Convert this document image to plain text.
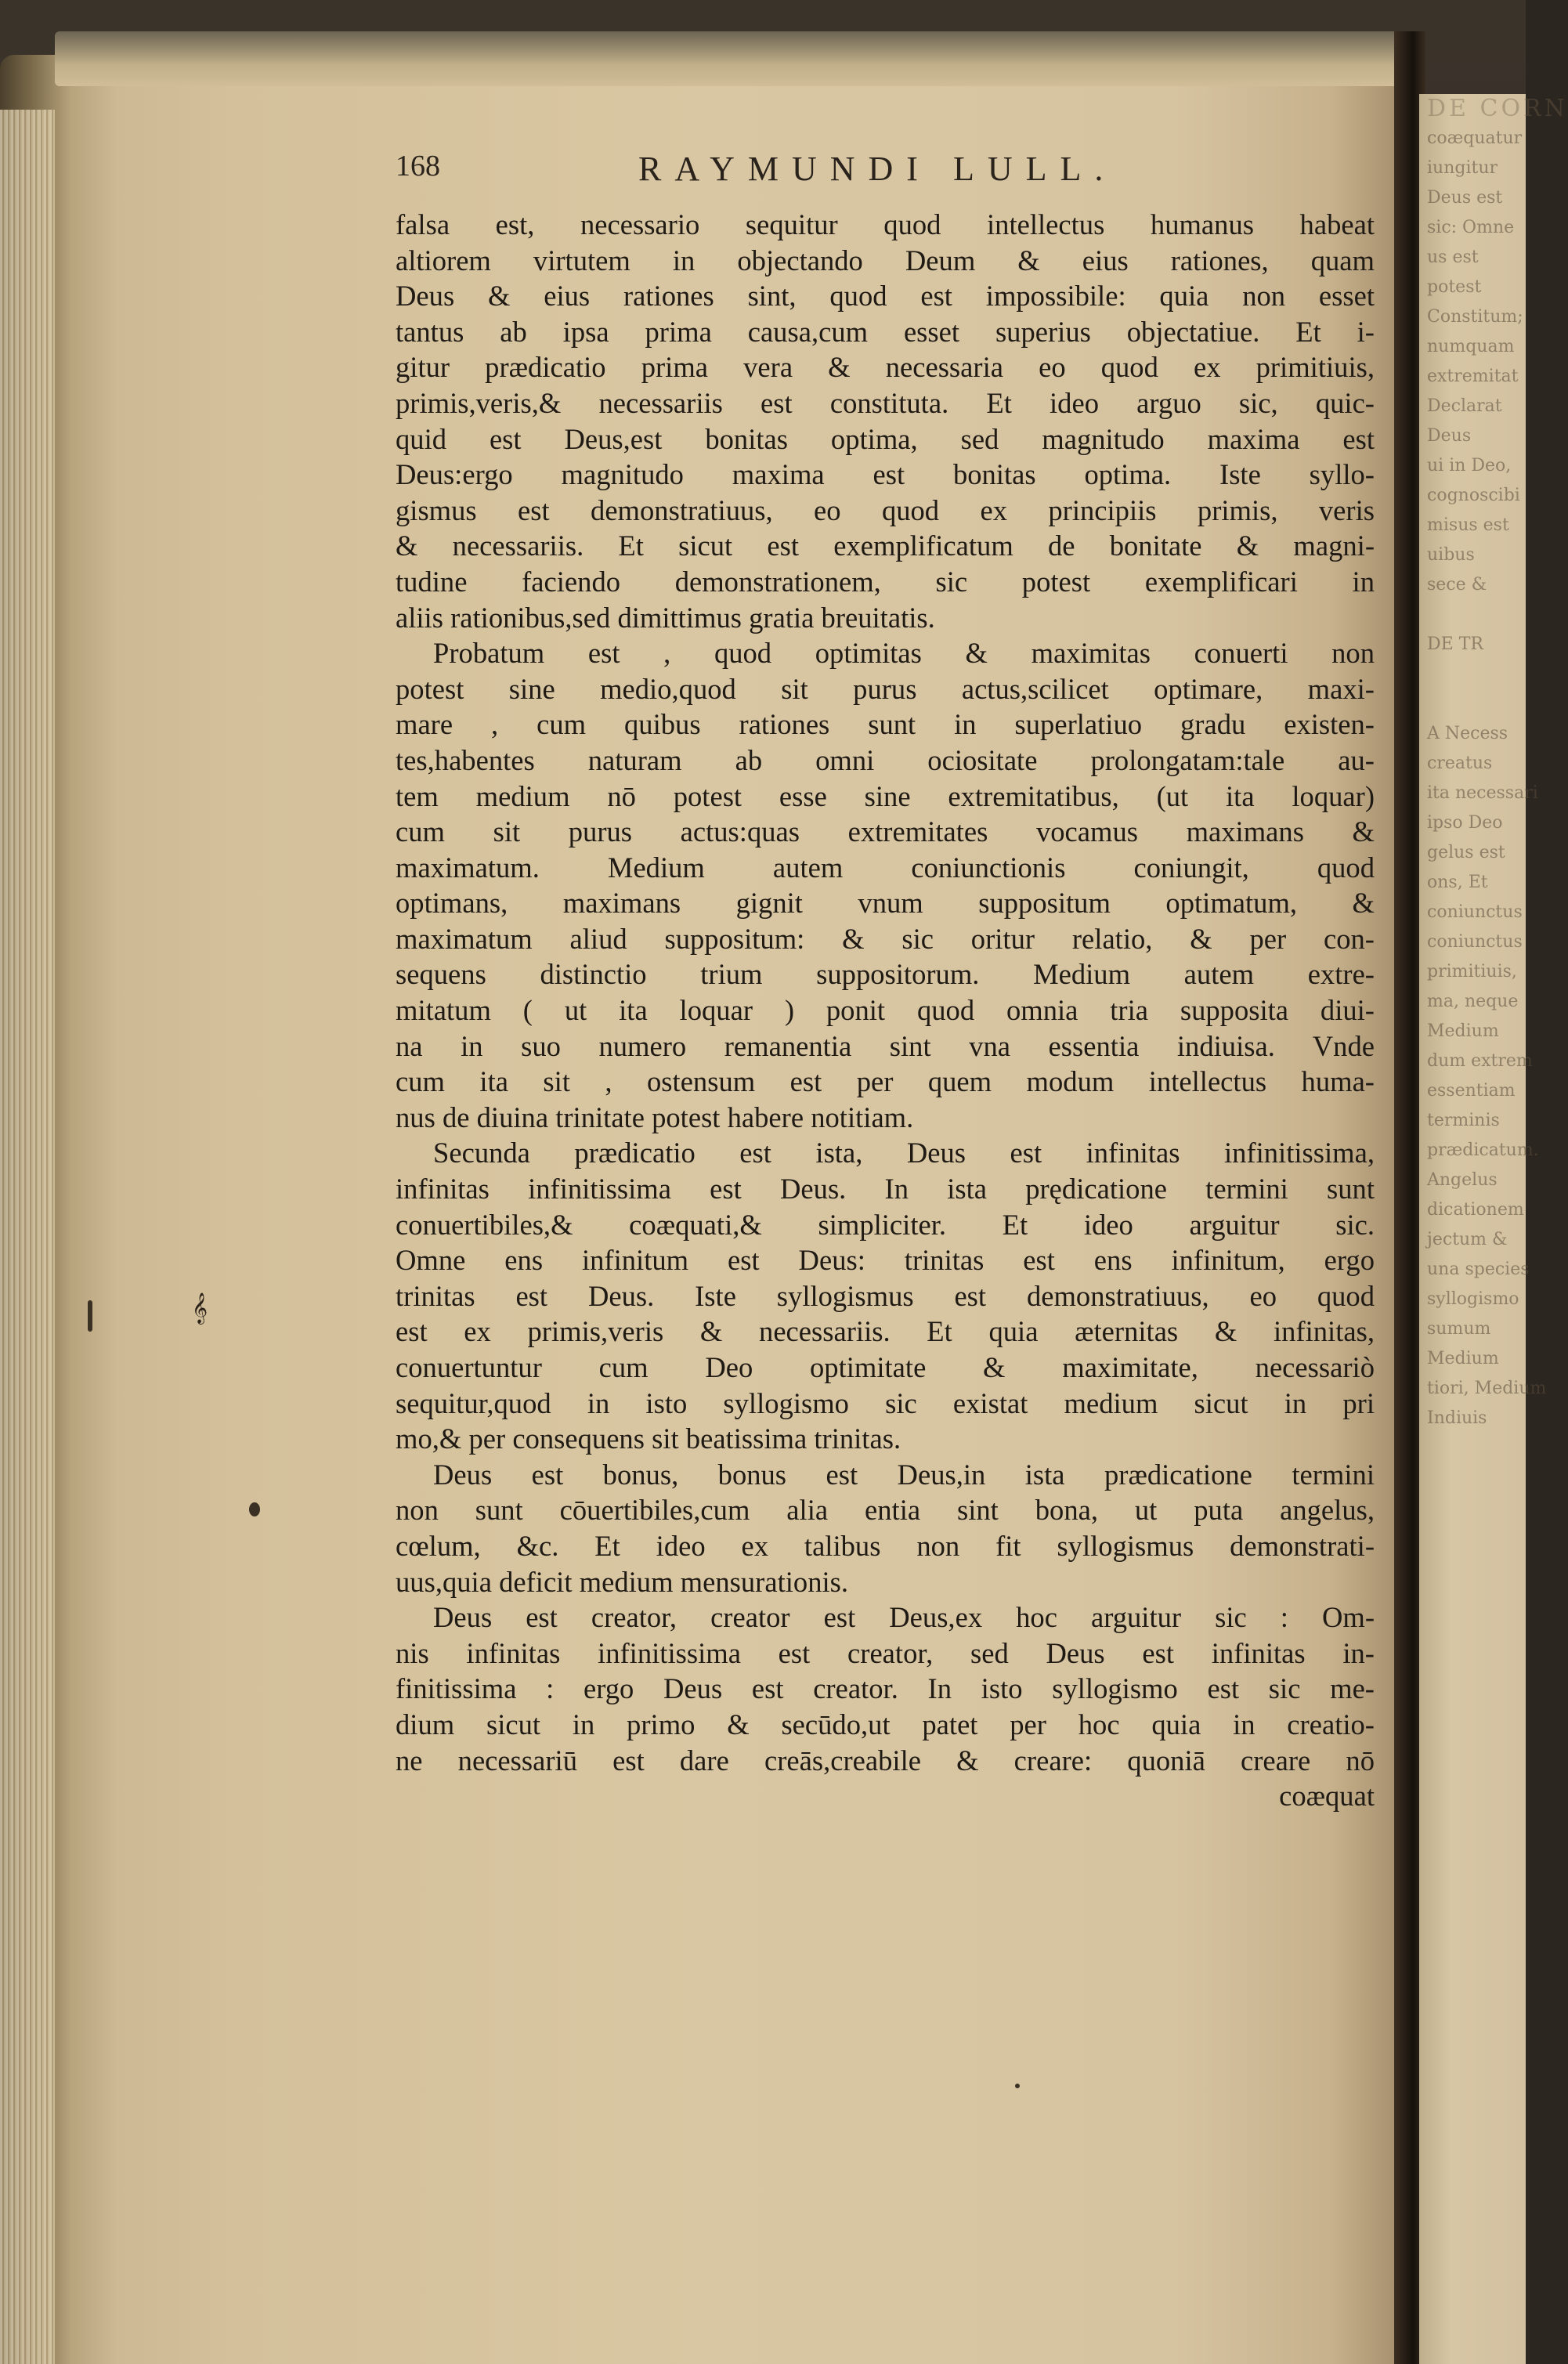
DE CORN
coæquatur
iungitur
Deus est
sic: Omne
us est
potest
Constitum;
numquam
extremitat
Declarat
Deus
ui in Deo,
cognoscibi
misus est
uibus
sece &
DE TR
A Necess
creatus
ita necessari
ipso Deo
gelus est
ons, Et
coniunctus
coniunctus
primitiuis,
ma, neque
Medium
dum extrem
essentiam
terminis
prædicatum.
Angelus
dicationem
jectum &
una species
syllogismo
sumum
Medium
tiori, Medium
Indiuis
168	RAYMUNDI LULL.
falsa est, necessario sequitur quod intellectus humanus habeat
altiorem virtutem in objectando Deum & eius rationes, quam
Deus & eius rationes sint, quod est impossibile: quia non esset
tantus ab ipsa prima causa,cum esset superius objectatiue. Et i-
gitur prædicatio prima vera & necessaria eo quod ex primitiuis,
primis,veris,& necessariis est constituta. Et ideo arguo sic, quic-
quid est Deus,est bonitas optima, sed magnitudo maxima est
Deus:ergo magnitudo maxima est bonitas optima. Iste syllo-
gismus est demonstratiuus, eo quod ex principiis primis, veris
& necessariis. Et sicut est exemplificatum de bonitate & magni-
tudine faciendo demonstrationem, sic potest exemplificari in
aliis rationibus,sed dimittimus gratia breuitatis.
Probatum est , quod optimitas & maximitas conuerti non
potest sine medio,quod sit purus actus,scilicet optimare, maxi-
mare , cum quibus rationes sunt in superlatiuo gradu existen-
tes,habentes naturam ab omni ociositate prolongatam:tale au-
tem medium nō potest esse sine extremitatibus, (ut ita loquar)
cum sit purus actus:quas extremitates vocamus maximans &
maximatum. Medium autem coniunctionis coniungit, quod
optimans, maximans gignit vnum suppositum optimatum, &
maximatum aliud suppositum: & sic oritur relatio, & per con-
sequens distinctio trium suppositorum. Medium autem extre-
mitatum ( ut ita loquar ) ponit quod omnia tria supposita diui-
na in suo numero remanentia sint vna essentia indiuisa. Vnde
cum ita sit , ostensum est per quem modum intellectus huma-
nus de diuina trinitate potest habere notitiam.
Secunda prædicatio est ista, Deus est infinitas infinitissima,
infinitas infinitissima est Deus. In ista prędicatione termini sunt
conuertibiles,& coæquati,& simpliciter. Et ideo arguitur sic.
Omne ens infinitum est Deus: trinitas est ens infinitum, ergo
trinitas est Deus. Iste syllogismus est demonstratiuus, eo quod
est ex primis,veris & necessariis. Et quia æternitas & infinitas,
conuertuntur cum Deo optimitate & maximitate, necessariò
sequitur,quod in isto syllogismo sic existat medium sicut in pri
mo,& per consequens sit beatissima trinitas.
Deus est bonus, bonus est Deus,in ista prædicatione termini
non sunt cōuertibiles,cum alia entia sint bona, ut puta angelus,
cœlum, &c. Et ideo ex talibus non fit syllogismus demonstrati-
uus,quia deficit medium mensurationis.
Deus est creator, creator est Deus,ex hoc arguitur sic : Om-
nis infinitas infinitissima est creator, sed Deus est infinitas in-
finitissima : ergo Deus est creator. In isto syllogismo est sic me-
dium sicut in primo & secūdo,ut patet per hoc quia in creatio-
ne necessariū est dare creās,creabile & creare: quoniā creare nō
coæquat
𝄞
